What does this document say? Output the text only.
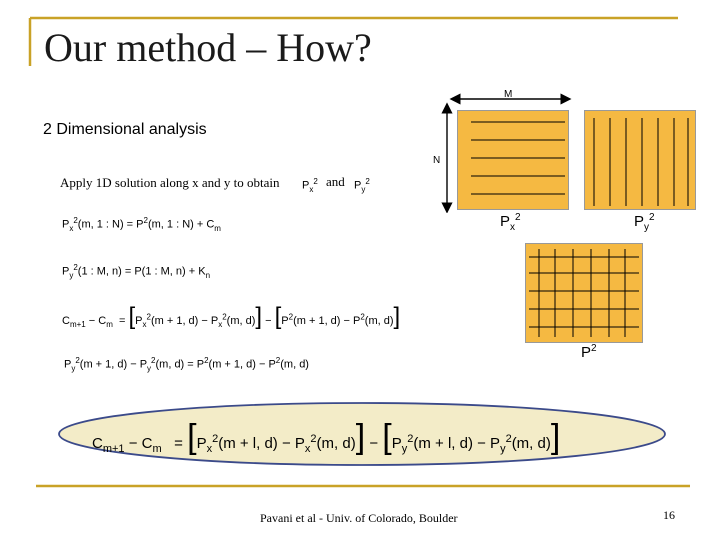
Our method – How?
2 Dimensional analysis
Apply 1D solution along x and y to obtain $P_x^2$ and $P_y^2$
$P_x^2(m$, 1 : $N) = P^2(m$, 1 : $N) + C_m$
$P_y^2(1$ : M, n) = P(1 : M, $n) + K_n$
$C_{m+1} - C_m = [P_x^2(m + 1$, $d) - P_x^2(m$, $d)] - [P^2(m + 1$, $d) - P^2(m$, d)]
$P_y^2(m + 1$, $d) - P_y^2(m$, $d) = P^2(m + 1$, $d) - P^2(m$, d)
$C_{m+1} - C_m = [P_x^2(m + l$, $d) - P_x^2(m$, $d)] - [P_y^2(m + l$, $d) - P_y^2(m$, d)]
M
N
$P_x^2$	$P_y^2$
$P^2$
Pavani et al - Univ. of Colorado, Boulder	16
